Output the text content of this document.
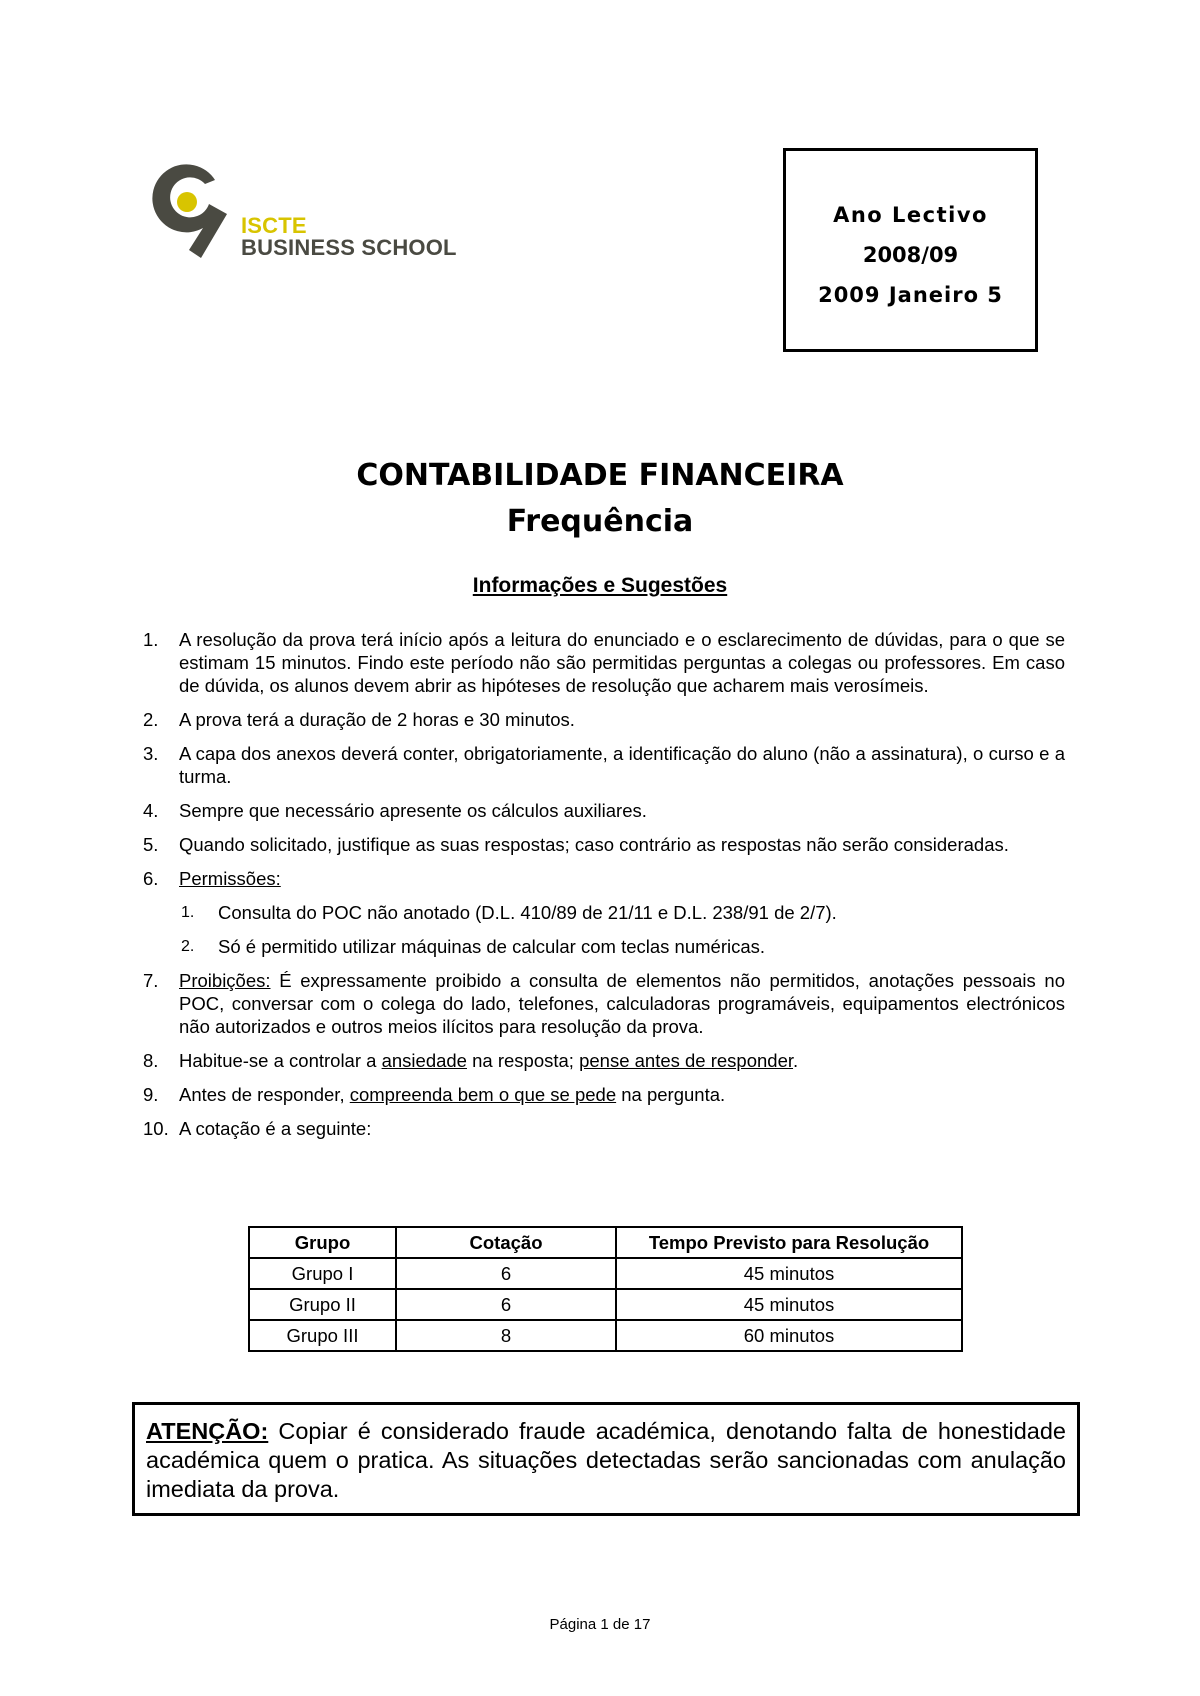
ISCTE
BUSINESS SCHOOL
Ano Lectivo
2008/09
2009 Janeiro 5
CONTABILIDADE FINANCEIRA
Frequência
Informações e Sugestões
1. A resolução da prova terá início após a leitura do enunciado e o esclarecimento de dúvidas, para o que se estimam 15 minutos. Findo este período não são permitidas perguntas a colegas ou professores. Em caso de dúvida, os alunos devem abrir as hipóteses de resolução que acharem mais verosímeis.
2. A prova terá a duração de 2 horas e 30 minutos.
3. A capa dos anexos deverá conter, obrigatoriamente, a identificação do aluno (não a assinatura), o curso e a turma.
4. Sempre que necessário apresente os cálculos auxiliares.
5. Quando solicitado, justifique as suas respostas; caso contrário as respostas não serão consideradas.
6. Permissões:
1. Consulta do POC não anotado (D.L. 410/89 de 21/11 e D.L. 238/91 de 2/7).
2. Só é permitido utilizar máquinas de calcular com teclas numéricas.
7. Proibições: É expressamente proibido a consulta de elementos não permitidos, anotações pessoais no POC, conversar com o colega do lado, telefones, calculadoras programáveis, equipamentos electrónicos não autorizados e outros meios ilícitos para resolução da prova.
8. Habitue-se a controlar a ansiedade na resposta; pense antes de responder.
9. Antes de responder, compreenda bem o que se pede na pergunta.
10. A cotação é a seguinte:
Grupo	Cotação	Tempo Previsto para Resolução
Grupo I	6	45 minutos
Grupo II	6	45 minutos
Grupo III	8	60 minutos
ATENÇÃO: Copiar é considerado fraude académica, denotando falta de honestidade académica quem o pratica. As situações detectadas serão sancionadas com anulação imediata da prova.
Página 1 de 17
